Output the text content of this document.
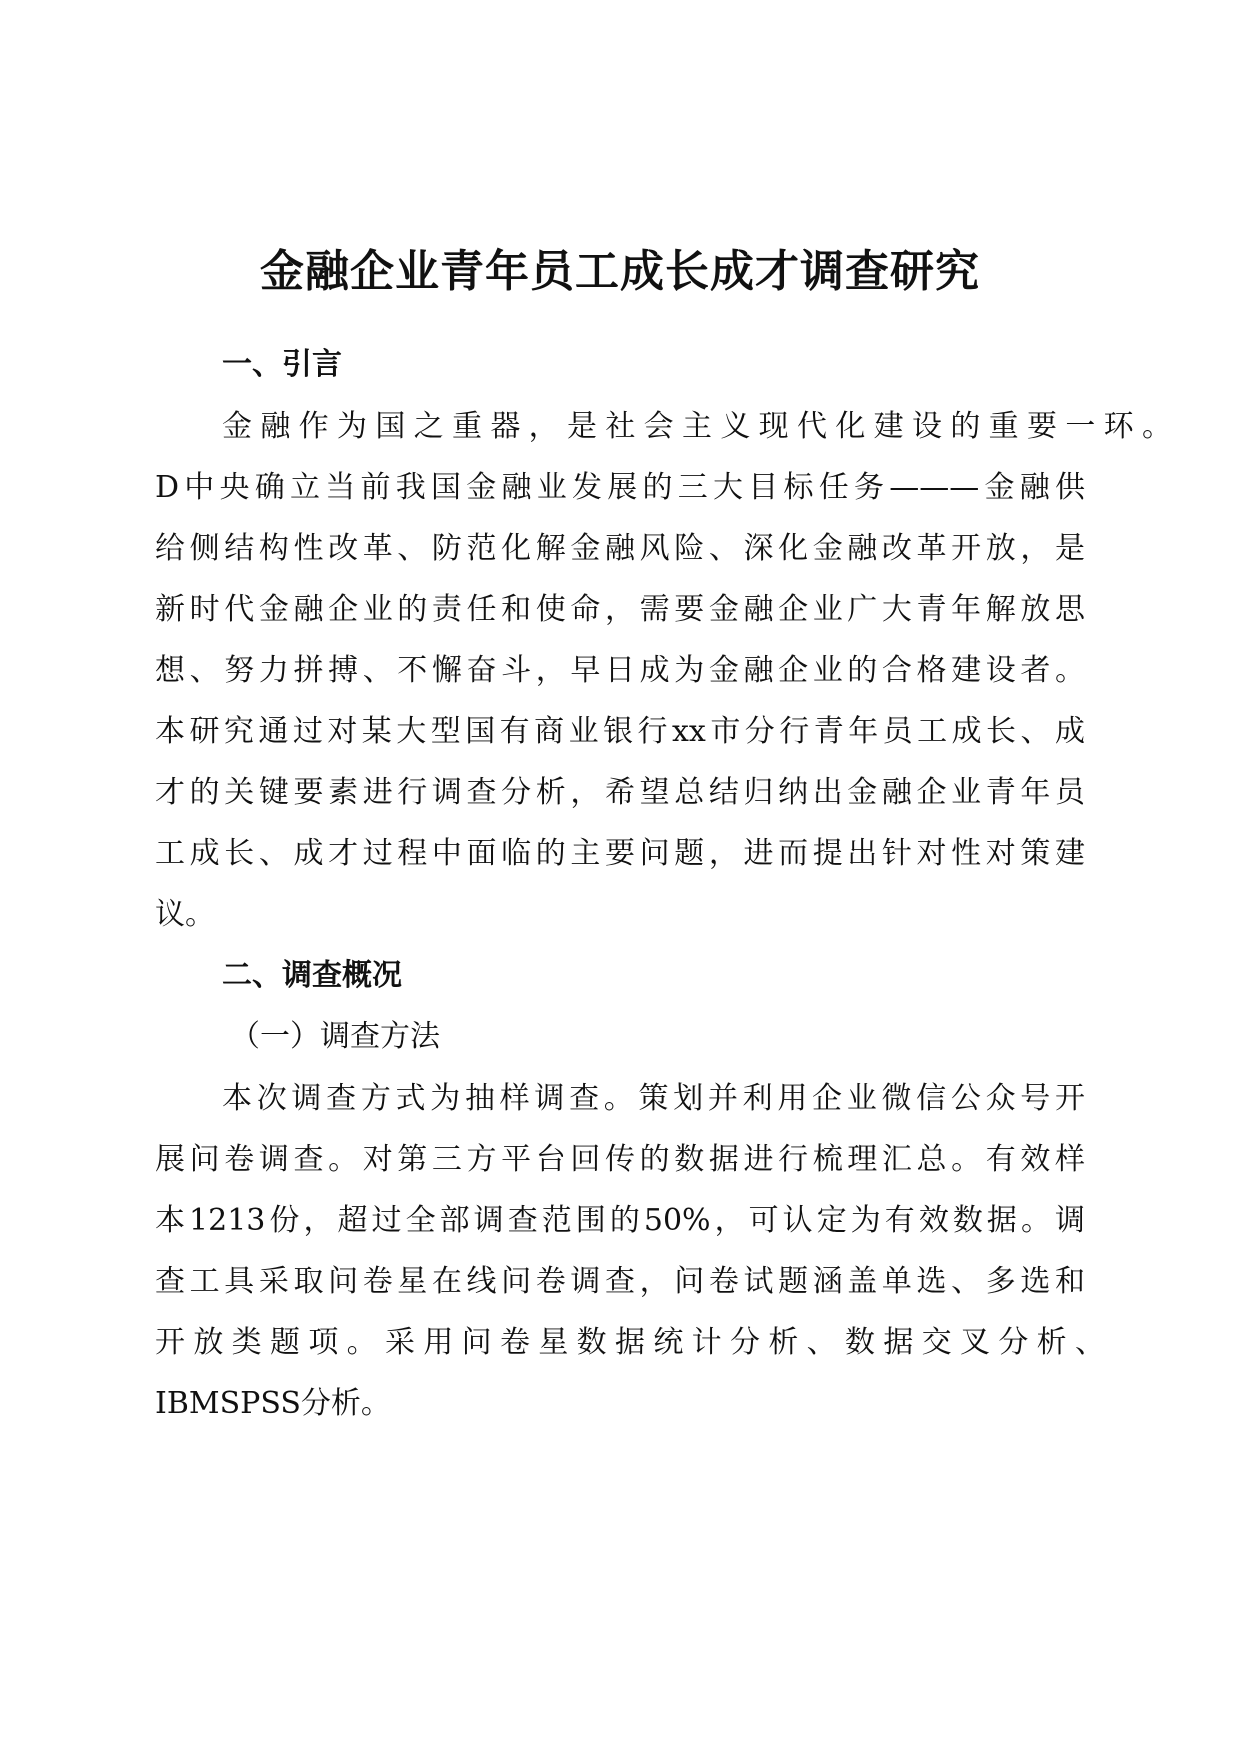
金融企业青年员工成长成才调查研究
一、引言
金融作为国之重器，是社会主义现代化建设的重要一环。
D中央确立当前我国金融业发展的三大目标任务———金融供
给侧结构性改革、防范化解金融风险、深化金融改革开放，是
新时代金融企业的责任和使命，需要金融企业广大青年解放思
想、努力拼搏、不懈奋斗，早日成为金融企业的合格建设者。
本研究通过对某大型国有商业银行xx市分行青年员工成长、成
才的关键要素进行调查分析，希望总结归纳出金融企业青年员
工成长、成才过程中面临的主要问题，进而提出针对性对策建
议。
二、调查概况
（一）调查方法
本次调查方式为抽样调查。策划并利用企业微信公众号开
展问卷调查。对第三方平台回传的数据进行梳理汇总。有效样
本1213份，超过全部调查范围的50%，可认定为有效数据。调
查工具采取问卷星在线问卷调查，问卷试题涵盖单选、多选和
开放类题项。采用问卷星数据统计分析、数据交叉分析、
IBMSPSS分析。
